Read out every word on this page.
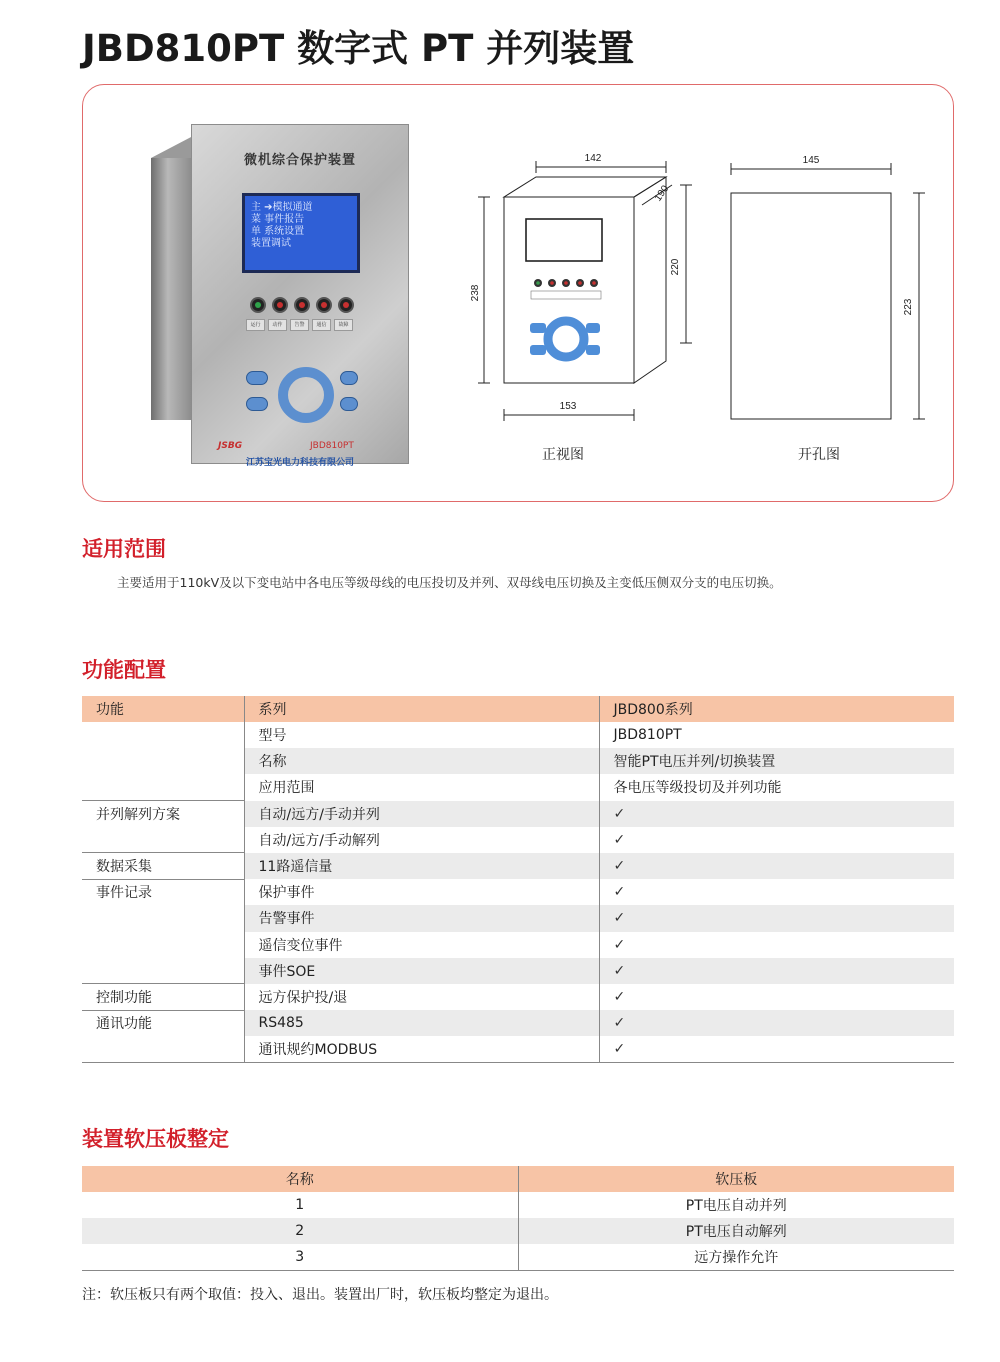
JBD810PT 数字式 PT 并列装置
微机综合保护装置
主 ➔模拟通道
菜 事件报告
单 系统设置
装置调试
运行	动作	告警	通信	故障
JSBG	JBD810PT
江苏宝光电力科技有限公司
142
190
220
238
153
正视图
145
223
开孔图
适用范围
主要适用于110kV及以下变电站中各电压等级母线的电压投切及并列、双母线电压切换及主变低压侧双分支的电压切换。
功能配置
功能	系列	JBD800系列
	型号	JBD810PT
	名称	智能PT电压并列/切换装置
	应用范围	各电压等级投切及并列功能
并列解列方案	自动/远方/手动并列	✓
	自动/远方/手动解列	✓
数据采集	11路遥信量	✓
事件记录	保护事件	✓
	告警事件	✓
	遥信变位事件	✓
	事件SOE	✓
控制功能	远方保护投/退	✓
通讯功能	RS485	✓
	通讯规约MODBUS	✓
装置软压板整定
名称	软压板
1	PT电压自动并列
2	PT电压自动解列
3	远方操作允许
注：软压板只有两个取值：投入、退出。装置出厂时，软压板均整定为退出。
